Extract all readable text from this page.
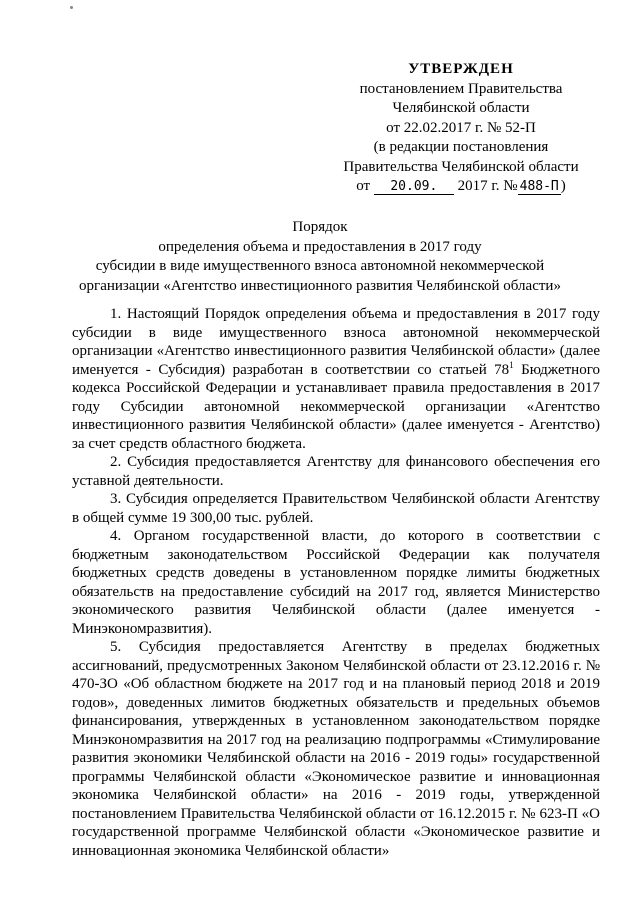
УТВЕРЖДЕН
постановлением Правительства
Челябинской области
от 22.02.2017 г. № 52-П
(в редакции постановления
Правительства Челябинской области
от 20.09. 2017 г. № 488-П )
Порядок
определения объема и предоставления в 2017 году
субсидии в виде имущественного взноса автономной некоммерческой
организации «Агентство инвестиционного развития Челябинской области»

1. Настоящий Порядок определения объема и предоставления в 2017 году субсидии в виде имущественного взноса автономной некоммерческой организации «Агентство инвестиционного развития Челябинской области» (далее именуется - Субсидия) разработан в соответствии со статьей $78^1$ Бюджетного кодекса Российской Федерации и устанавливает правила предоставления в 2017 году Субсидии автономной некоммерческой организации «Агентство инвестиционного развития Челябинской области» (далее именуется - Агентство) за счет средств областного бюджета.

2. Субсидия предоставляется Агентству для финансового обеспечения его уставной деятельности.

3. Субсидия определяется Правительством Челябинской области Агентству в общей сумме 19 300,00 тыс. рублей.

4. Органом государственной власти, до которого в соответствии с бюджетным законодательством Российской Федерации как получателя бюджетных средств доведены в установленном порядке лимиты бюджетных обязательств на предоставление субсидий на 2017 год, является Министерство экономического развития Челябинской области (далее именуется - Минэкономразвития).

5. Субсидия предоставляется Агентству в пределах бюджетных ассигнований, предусмотренных Законом Челябинской области от 23.12.2016 г. № 470-ЗО «Об областном бюджете на 2017 год и на плановый период 2018 и 2019 годов», доведенных лимитов бюджетных обязательств и предельных объемов финансирования, утвержденных в установленном законодательством порядке Минэкономразвития на 2017 год на реализацию подпрограммы «Стимулирование развития экономики Челябинской области на 2016 - 2019 годы» государственной программы Челябинской области «Экономическое развитие и инновационная экономика Челябинской области» на 2016 - 2019 годы, утвержденной постановлением Правительства Челябинской области от 16.12.2015 г. № 623-П «О государственной программе Челябинской области «Экономическое развитие и инновационная экономика Челябинской области»
